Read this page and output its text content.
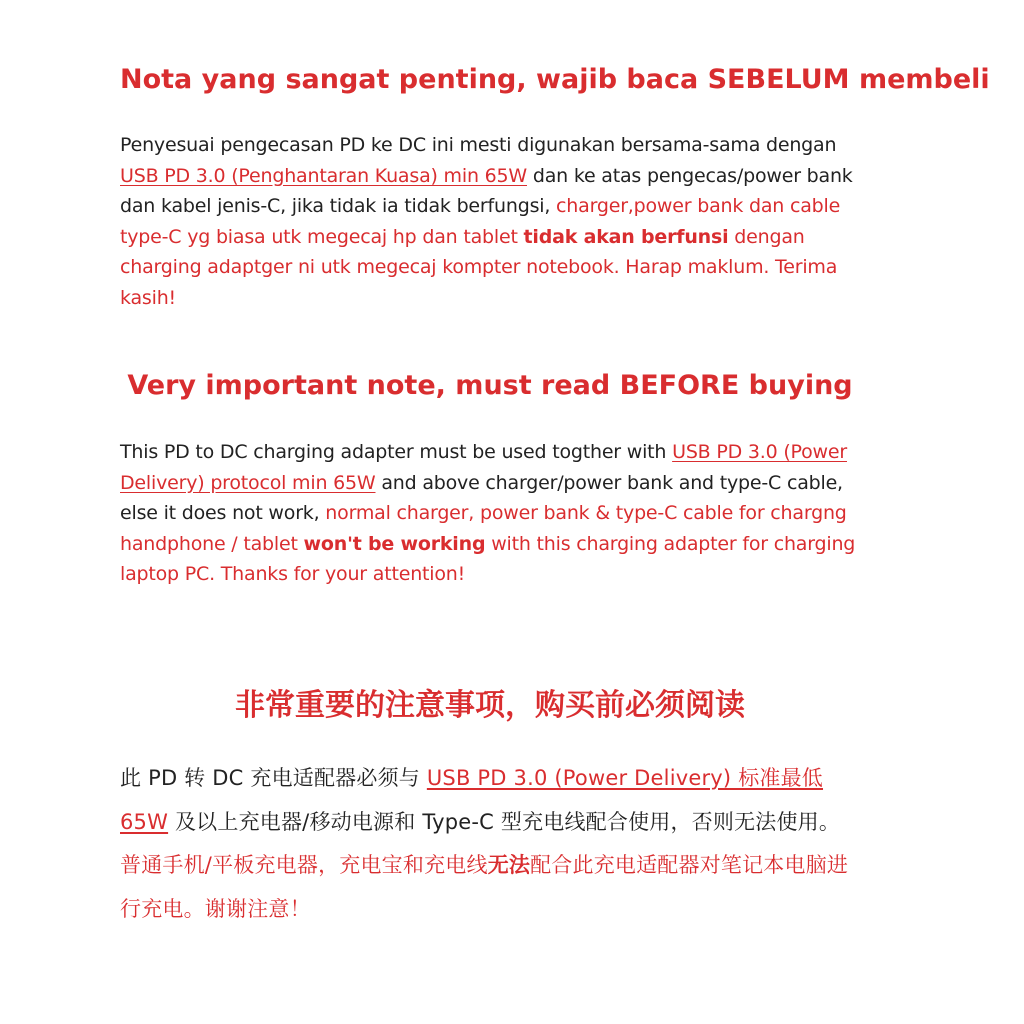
Nota yang sangat penting, wajib baca SEBELUM membeli

Penyesuai pengecasan PD ke DC ini mesti digunakan bersama-sama dengan USB PD 3.0 (Penghantaran Kuasa) min 65W dan ke atas pengecas/power bank dan kabel jenis-C, jika tidak ia tidak berfungsi, charger,power bank dan cable type-C yg biasa utk megecaj hp dan tablet tidak akan berfunsi dengan charging adaptger ni utk megecaj kompter notebook. Harap maklum. Terima kasih!

Very important note, must read BEFORE buying

This PD to DC charging adapter must be used togther with USB PD 3.0 (Power Delivery) protocol min 65W and above charger/power bank and type-C cable, else it does not work, normal charger, power bank & type-C cable for chargng handphone / tablet won't be working with this charging adapter for charging laptop PC. Thanks for your attention!

非常重要的注意事项，购买前必须阅读

此 PD 转 DC 充电适配器必须与 USB PD 3.0 (Power Delivery) 标准最低 65W 及以上充电器/移动电源和 Type-C 型充电线配合使用，否则无法使用。普通手机/平板充电器，充电宝和充电线无法配合此充电适配器对笔记本电脑进行充电。谢谢注意！
